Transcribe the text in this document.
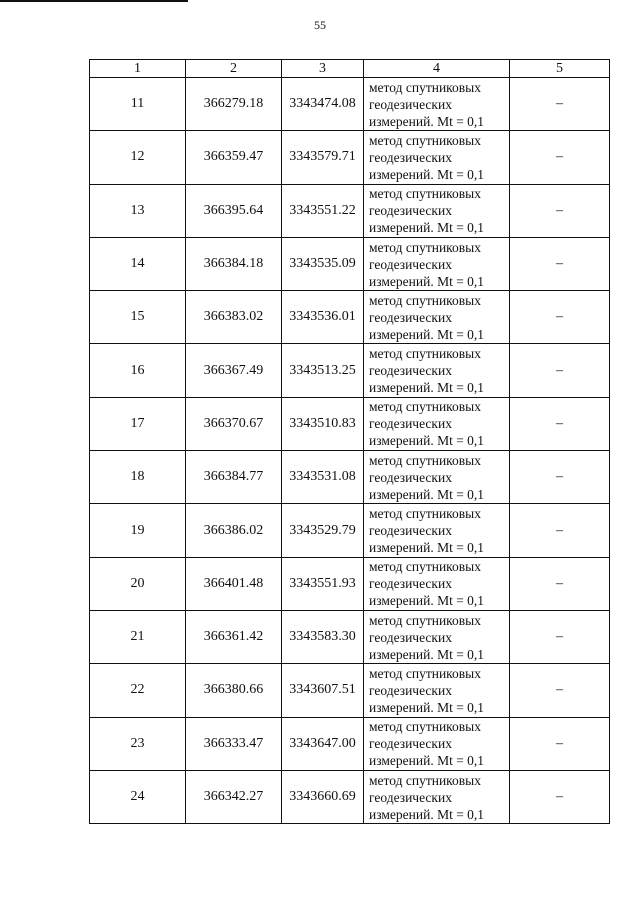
55
1	2	3	4	5
11	366279.18	3343474.08	метод спутниковых
геодезических
измерений. Mt = 0,1	–
12	366359.47	3343579.71	метод спутниковых
геодезических
измерений. Mt = 0,1	–
13	366395.64	3343551.22	метод спутниковых
геодезических
измерений. Mt = 0,1	–
14	366384.18	3343535.09	метод спутниковых
геодезических
измерений. Mt = 0,1	–
15	366383.02	3343536.01	метод спутниковых
геодезических
измерений. Mt = 0,1	–
16	366367.49	3343513.25	метод спутниковых
геодезических
измерений. Mt = 0,1	–
17	366370.67	3343510.83	метод спутниковых
геодезических
измерений. Mt = 0,1	–
18	366384.77	3343531.08	метод спутниковых
геодезических
измерений. Mt = 0,1	–
19	366386.02	3343529.79	метод спутниковых
геодезических
измерений. Mt = 0,1	–
20	366401.48	3343551.93	метод спутниковых
геодезических
измерений. Mt = 0,1	–
21	366361.42	3343583.30	метод спутниковых
геодезических
измерений. Mt = 0,1	–
22	366380.66	3343607.51	метод спутниковых
геодезических
измерений. Mt = 0,1	–
23	366333.47	3343647.00	метод спутниковых
геодезических
измерений. Mt = 0,1	–
24	366342.27	3343660.69	метод спутниковых
геодезических
измерений. Mt = 0,1	–
